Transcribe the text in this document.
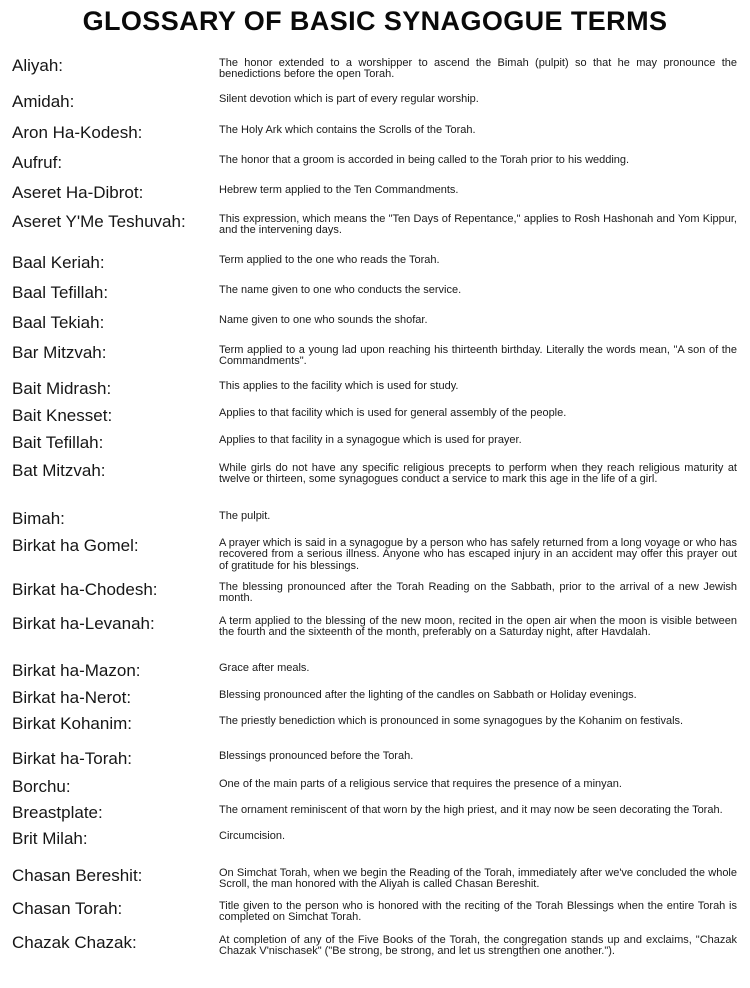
GLOSSARY OF BASIC SYNAGOGUE TERMS
Aliyah:	The honor extended to a worshipper to ascend the Bimah (pulpit) so that he may pronounce the benedictions before the open Torah.
Amidah:	Silent devotion which is part of every regular worship.
Aron Ha-Kodesh:	The Holy Ark which contains the Scrolls of the Torah.
Aufruf:	The honor that a groom is accorded in being called to the Torah prior to his wedding.
Aseret Ha-Dibrot:	Hebrew term applied to the Ten Commandments.
Aseret Y'Me Teshuvah:	This expression, which means the "Ten Days of Repentance," applies to Rosh Hashonah and Yom Kippur, and the intervening days.
Baal Keriah:	Term applied to the one who reads the Torah.
Baal Tefillah:	The name given to one who conducts the service.
Baal Tekiah:	Name given to one who sounds the shofar.
Bar Mitzvah:	Term applied to a young lad upon reaching his thirteenth birthday. Literally the words mean, "A son of the Commandments".
Bait Midrash:	This applies to the facility which is used for study.
Bait Knesset:	Applies to that facility which is used for general assembly of the people.
Bait Tefillah:	Applies to that facility in a synagogue which is used for prayer.
Bat Mitzvah:	While girls do not have any specific religious precepts to perform when they reach religious maturity at twelve or thirteen, some synagogues conduct a service to mark this age in the life of a girl.
Bimah:	The pulpit.
Birkat ha Gomel:	A prayer which is said in a synagogue by a person who has safely returned from a long voyage or who has recovered from a serious illness. Anyone who has escaped injury in an accident may offer this prayer out of gratitude for his blessings.
Birkat ha-Chodesh:	The blessing pronounced after the Torah Reading on the Sabbath, prior to the arrival of a new Jewish month.
Birkat ha-Levanah:	A term applied to the blessing of the new moon, recited in the open air when the moon is visible between the fourth and the sixteenth of the month, preferably on a Saturday night, after Havdalah.
Birkat ha-Mazon:	Grace after meals.
Birkat ha-Nerot:	Blessing pronounced after the lighting of the candles on Sabbath or Holiday evenings.
Birkat Kohanim:	The priestly benediction which is pronounced in some synagogues by the Kohanim on festivals.
Birkat ha-Torah:	Blessings pronounced before the Torah.
Borchu:	One of the main parts of a religious service that requires the presence of a minyan.
Breastplate:	The ornament reminiscent of that worn by the high priest, and it may now be seen decorating the Torah.
Brit Milah:	Circumcision.
Chasan Bereshit:	On Simchat Torah, when we begin the Reading of the Torah, immediately after we've concluded the whole Scroll, the man honored with the Aliyah is called Chasan Bereshit.
Chasan Torah:	Title given to the person who is honored with the reciting of the Torah Blessings when the entire Torah is completed on Simchat Torah.
Chazak Chazak:	At completion of any of the Five Books of the Torah, the congregation stands up and exclaims, "Chazak Chazak V'nischasek" ("Be strong, be strong, and let us strengthen one another.").
